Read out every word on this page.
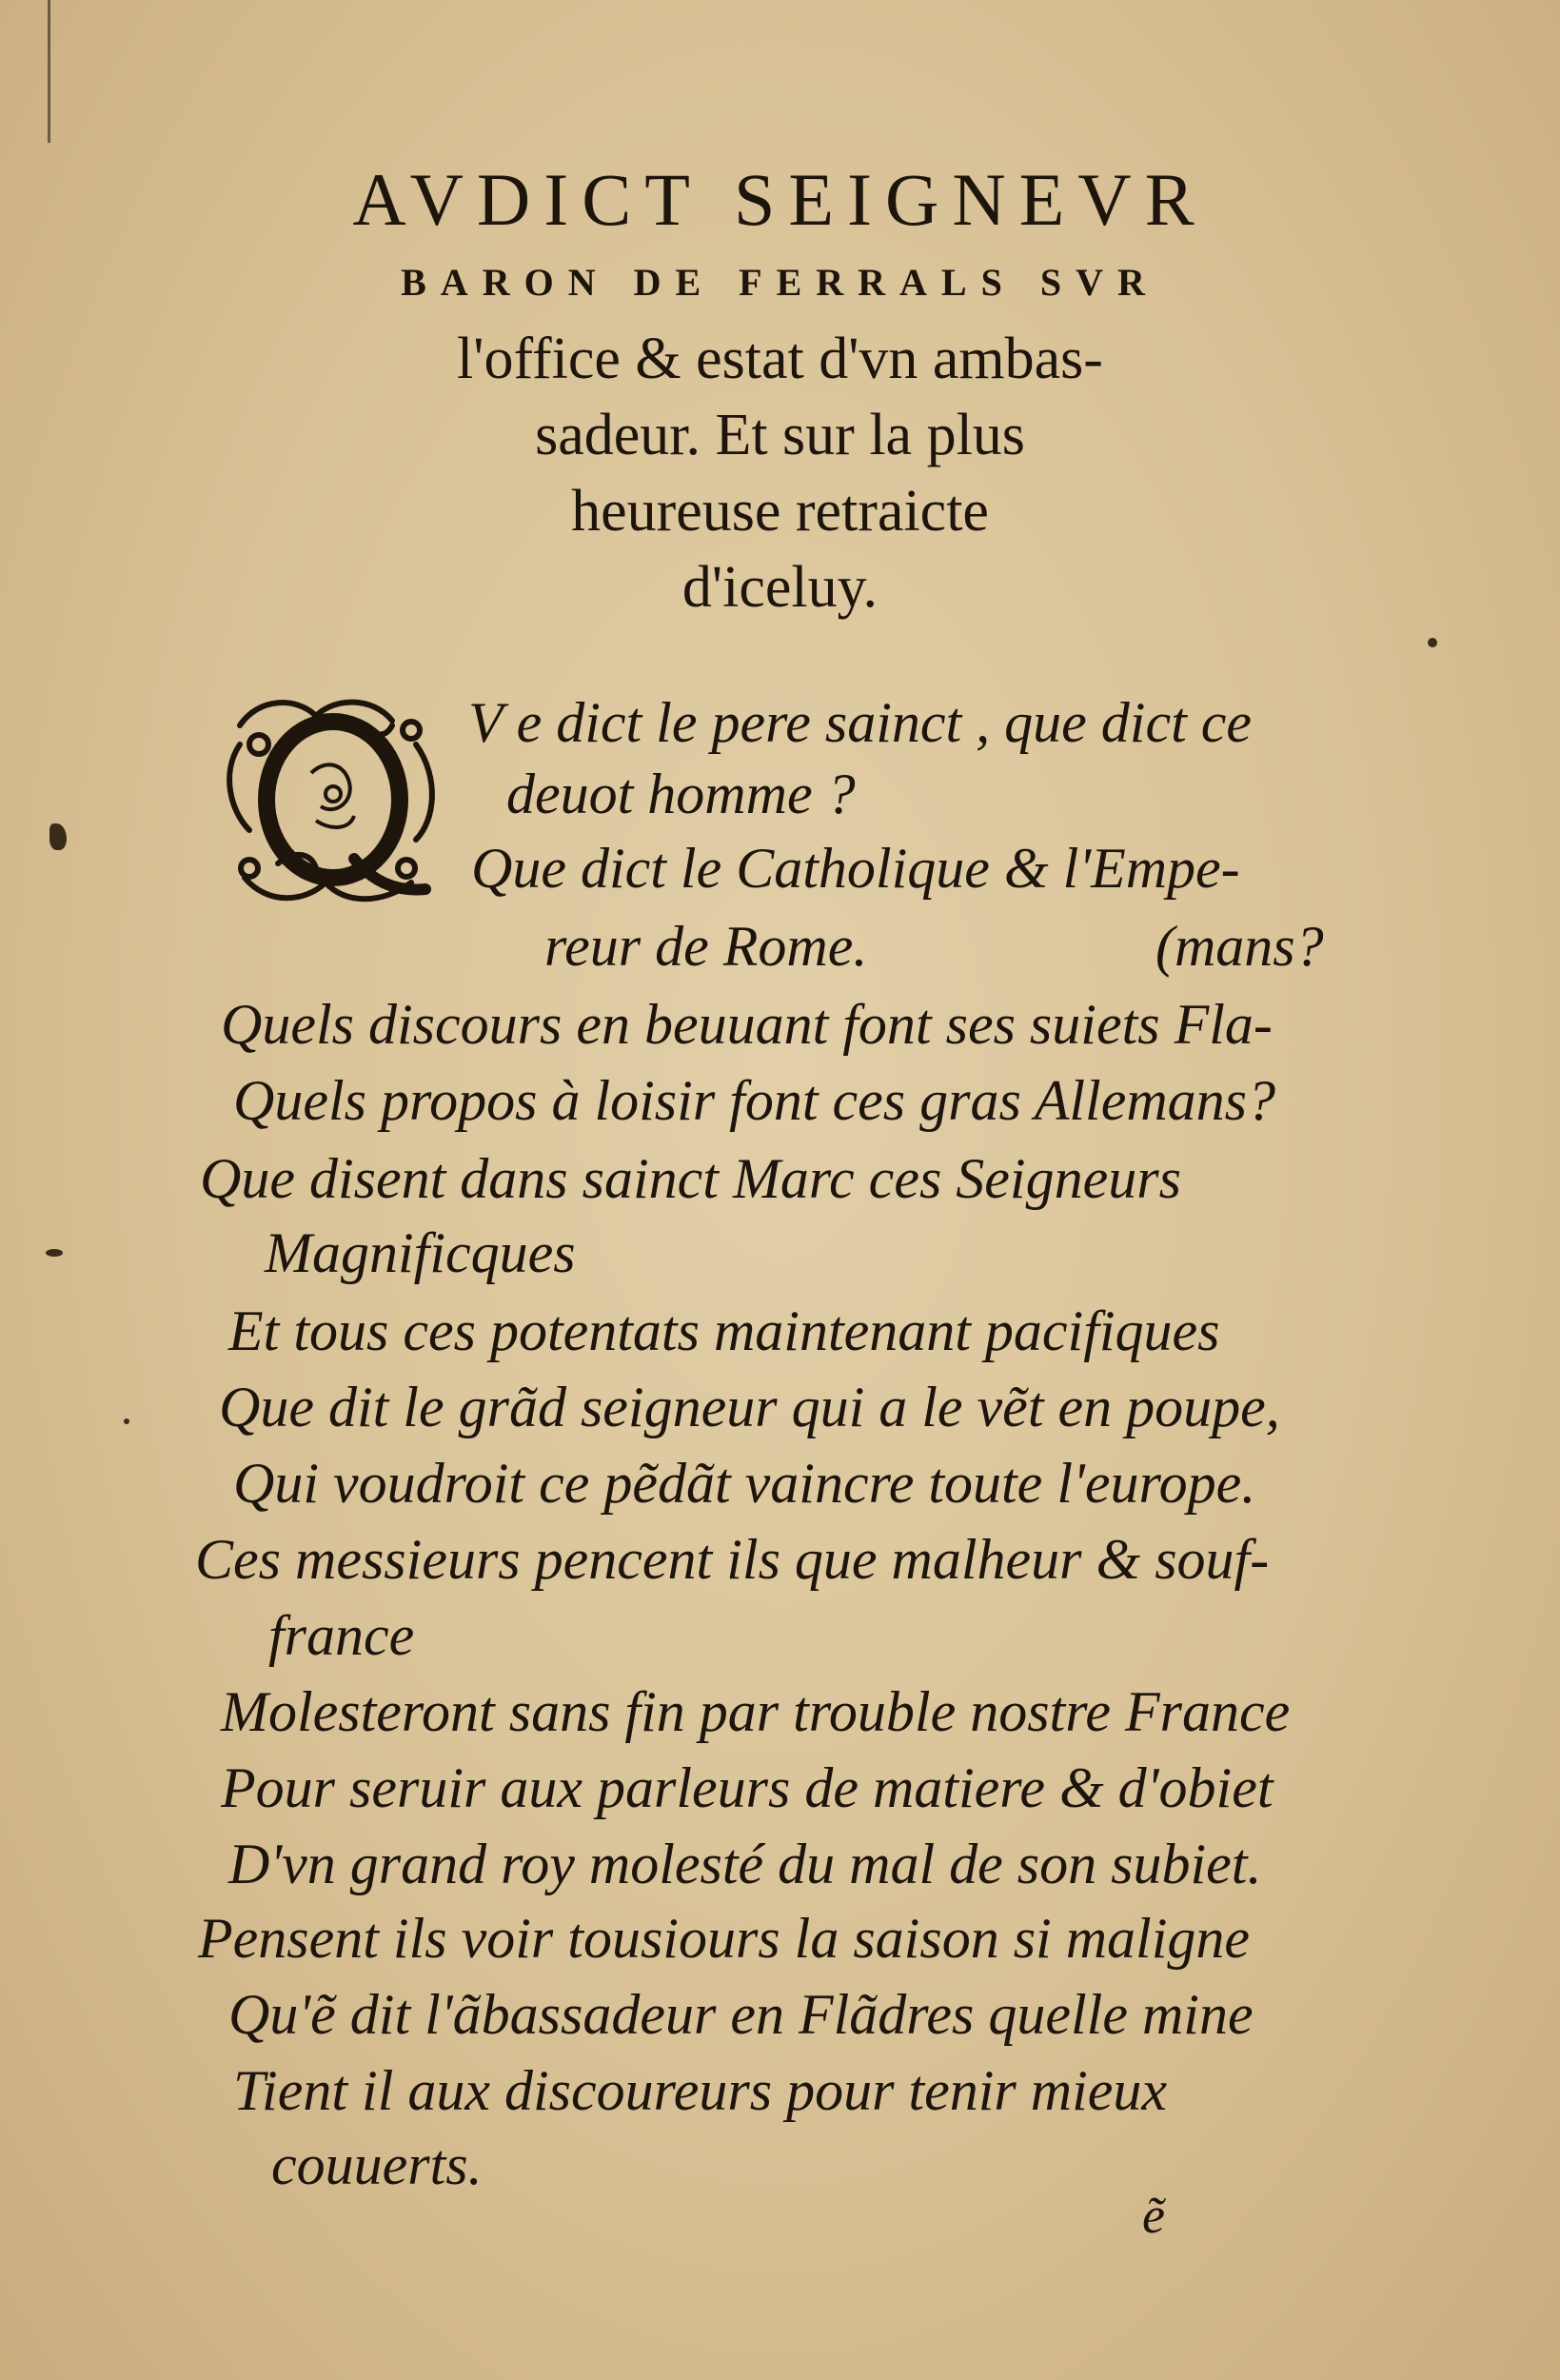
AVDICT SEIGNEVR
BARON DE FERRALS SVR
l'office & estat d'vn ambas-
sadeur. Et sur la plus
heureuse retraicte
d'iceluy.
Q
V e dict le pere sainct , que dict ce
deuot homme ?
Que dict le Catholique & l'Empe-
reur de Rome.	(mans?
Quels discours en beuuant font ses suiets Fla-
Quels propos à loisir font ces gras Allemans?
Que disent dans sainct Marc ces Seigneurs
Magnificques
Et tous ces potentats maintenant pacifiques
Que dit le grãd seigneur qui a le vẽt en poupe,
Qui voudroit ce pẽdãt vaincre toute l'europe.
Ces messieurs pencent ils que malheur & souf-
france
Molesteront sans fin par trouble nostre France
Pour seruir aux parleurs de matiere & d'obiet
D'vn grand roy molesté du mal de son subiet.
Pensent ils voir tousiours la saison si maligne
Qu'ẽ dit l'ãbassadeur en Flãdres quelle mine
Tient il aux discoureurs pour tenir mieux
couuerts.
ẽ
